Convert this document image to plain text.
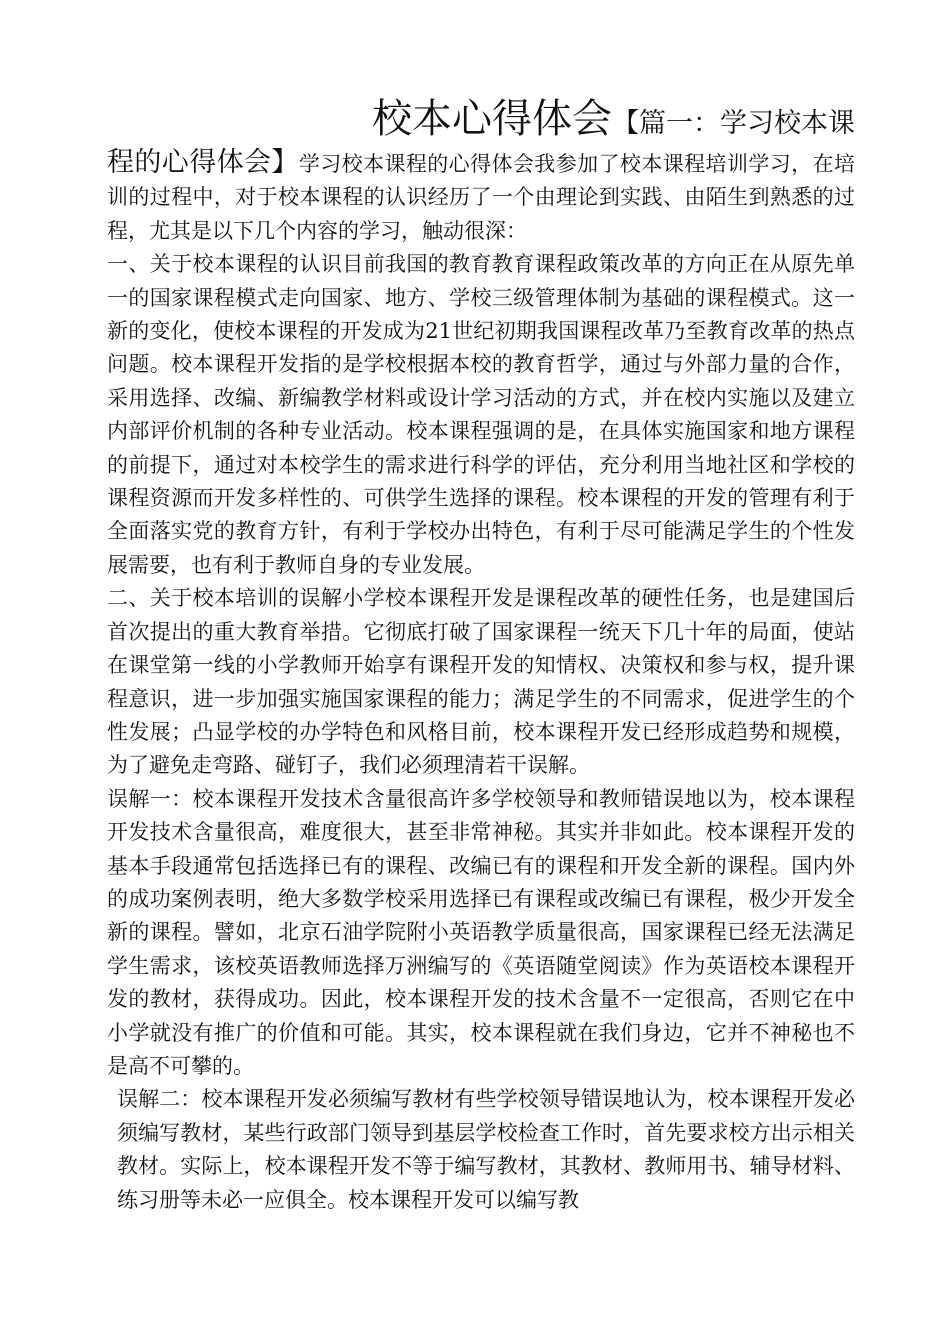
校本心得体会【篇一：学习校本课

程的心得体会】学习校本课程的心得体会我参加了校本课程培训学习，在培训的过程中，对于校本课程的认识经历了一个由理论到实践、由陌生到熟悉的过程，尤其是以下几个内容的学习，触动很深：

一、关于校本课程的认识目前我国的教育教育课程政策改革的方向正在从原先单一的国家课程模式走向国家、地方、学校三级管理体制为基础的课程模式。这一新的变化，使校本课程的开发成为21世纪初期我国课程改革乃至教育改革的热点问题。校本课程开发指的是学校根据本校的教育哲学，通过与外部力量的合作，采用选择、改编、新编教学材料或设计学习活动的方式，并在校内实施以及建立内部评价机制的各种专业活动。校本课程强调的是，在具体实施国家和地方课程的前提下，通过对本校学生的需求进行科学的评估，充分利用当地社区和学校的课程资源而开发多样性的、可供学生选择的课程。校本课程的开发的管理有利于全面落实党的教育方针，有利于学校办出特色，有利于尽可能满足学生的个性发展需要，也有利于教师自身的专业发展。

二、关于校本培训的误解小学校本课程开发是课程改革的硬性任务，也是建国后首次提出的重大教育举措。它彻底打破了国家课程一统天下几十年的局面，使站在课堂第一线的小学教师开始享有课程开发的知情权、决策权和参与权，提升课程意识，进一步加强实施国家课程的能力；满足学生的不同需求，促进学生的个性发展；凸显学校的办学特色和风格目前，校本课程开发已经形成趋势和规模，为了避免走弯路、碰钉子，我们必须理清若干误解。

误解一：校本课程开发技术含量很高许多学校领导和教师错误地以为，校本课程开发技术含量很高，难度很大，甚至非常神秘。其实并非如此。校本课程开发的基本手段通常包括选择已有的课程、改编已有的课程和开发全新的课程。国内外的成功案例表明，绝大多数学校采用选择已有课程或改编已有课程，极少开发全新的课程。譬如，北京石油学院附小英语教学质量很高，国家课程已经无法满足学生需求，该校英语教师选择万洲编写的《英语随堂阅读》作为英语校本课程开发的教材，获得成功。因此，校本课程开发的技术含量不一定很高，否则它在中小学就没有推广的价值和可能。其实，校本课程就在我们身边，它并不神秘也不是高不可攀的。

误解二：校本课程开发必须编写教材有些学校领导错误地认为，校本课程开发必须编写教材，某些行政部门领导到基层学校检查工作时，首先要求校方出示相关教材。实际上，校本课程开发不等于编写教材，其教材、教师用书、辅导材料、练习册等未必一应俱全。校本课程开发可以编写教
